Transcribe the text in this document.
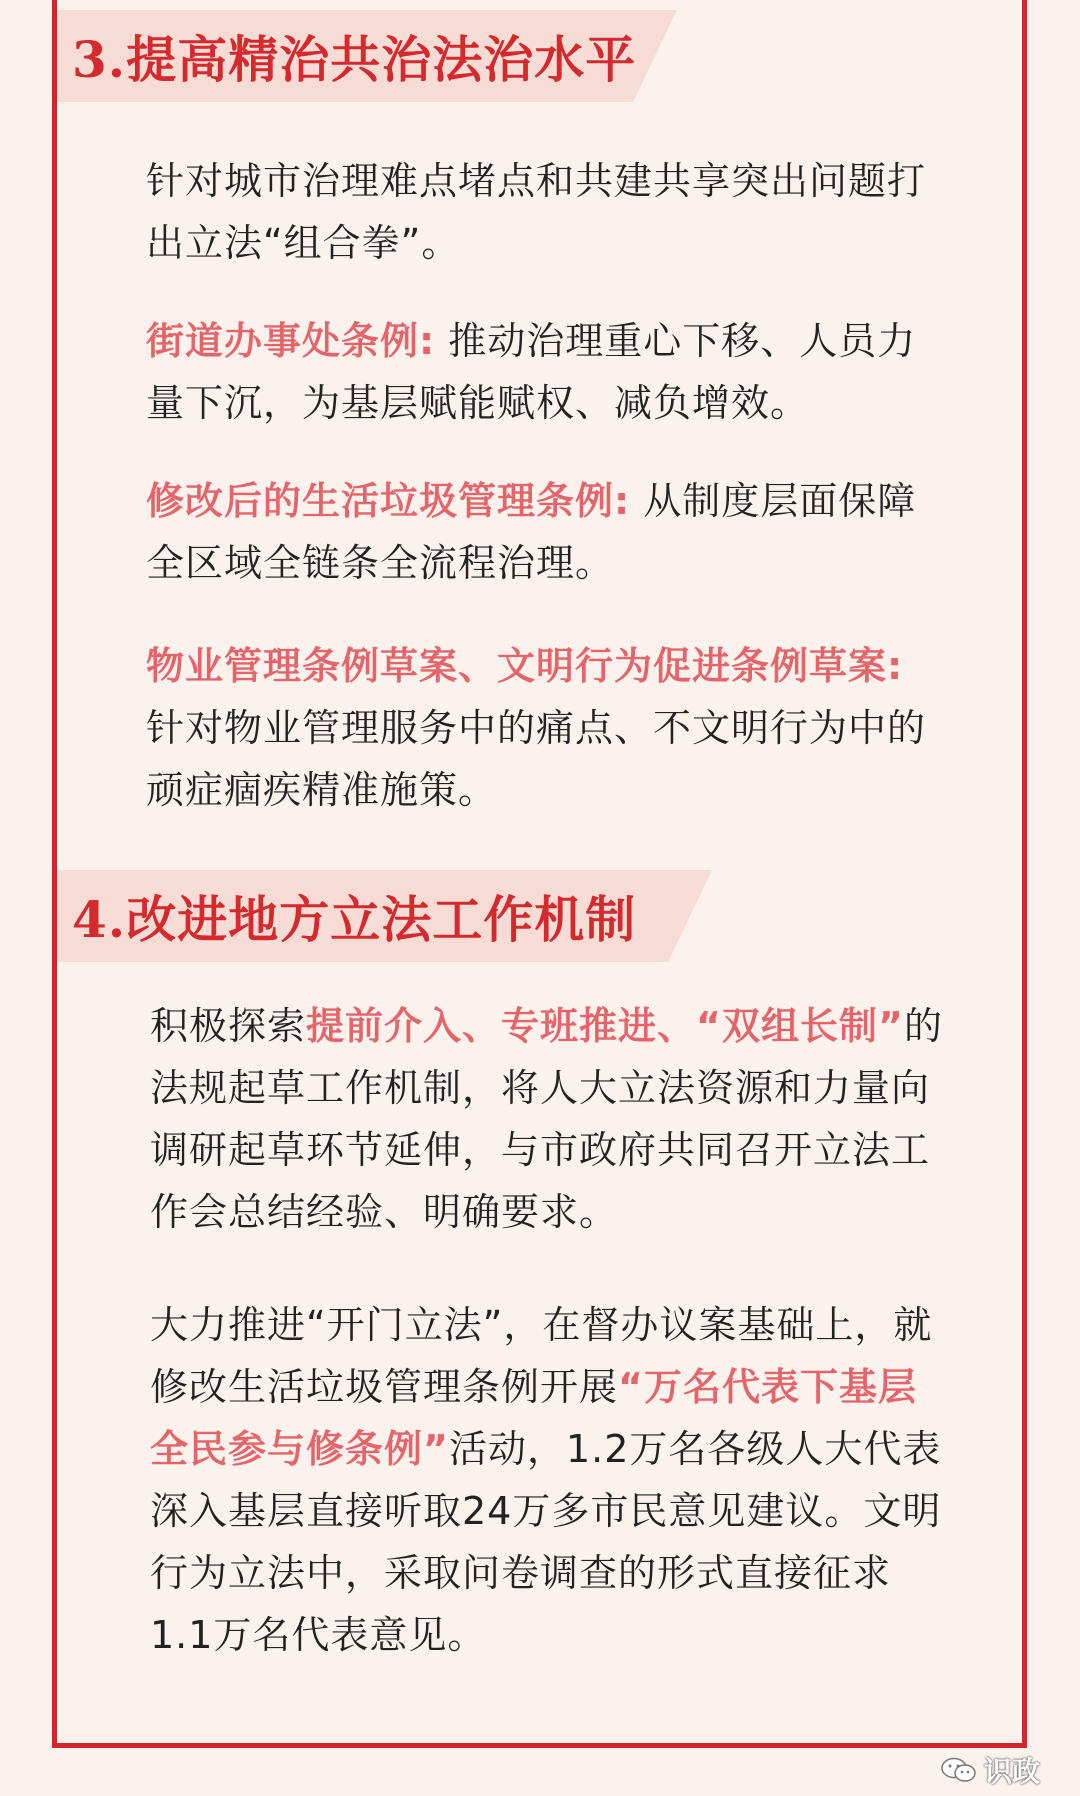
3.提高精治共治法治水平
针对城市治理难点堵点和共建共享突出问题打出立法“组合拳”。
街道办事处条例: 推动治理重心下移、人员力量下沉，为基层赋能赋权、减负增效。
修改后的生活垃圾管理条例: 从制度层面保障全区域全链条全流程治理。
物业管理条例草案、文明行为促进条例草案: 针对物业管理服务中的痛点、不文明行为中的顽症痼疾精准施策。
4.改进地方立法工作机制
积极探索提前介入、专班推进、“双组长制”的法规起草工作机制，将人大立法资源和力量向调研起草环节延伸，与市政府共同召开立法工作会总结经验、明确要求。
大力推进“开门立法”，在督办议案基础上，就修改生活垃圾管理条例开展“万名代表下基层 全民参与修条例”活动，1.2万名各级人大代表深入基层直接听取24万多市民意见建议。文明行为立法中，采取问卷调查的形式直接征求1.1万名代表意见。
识政
